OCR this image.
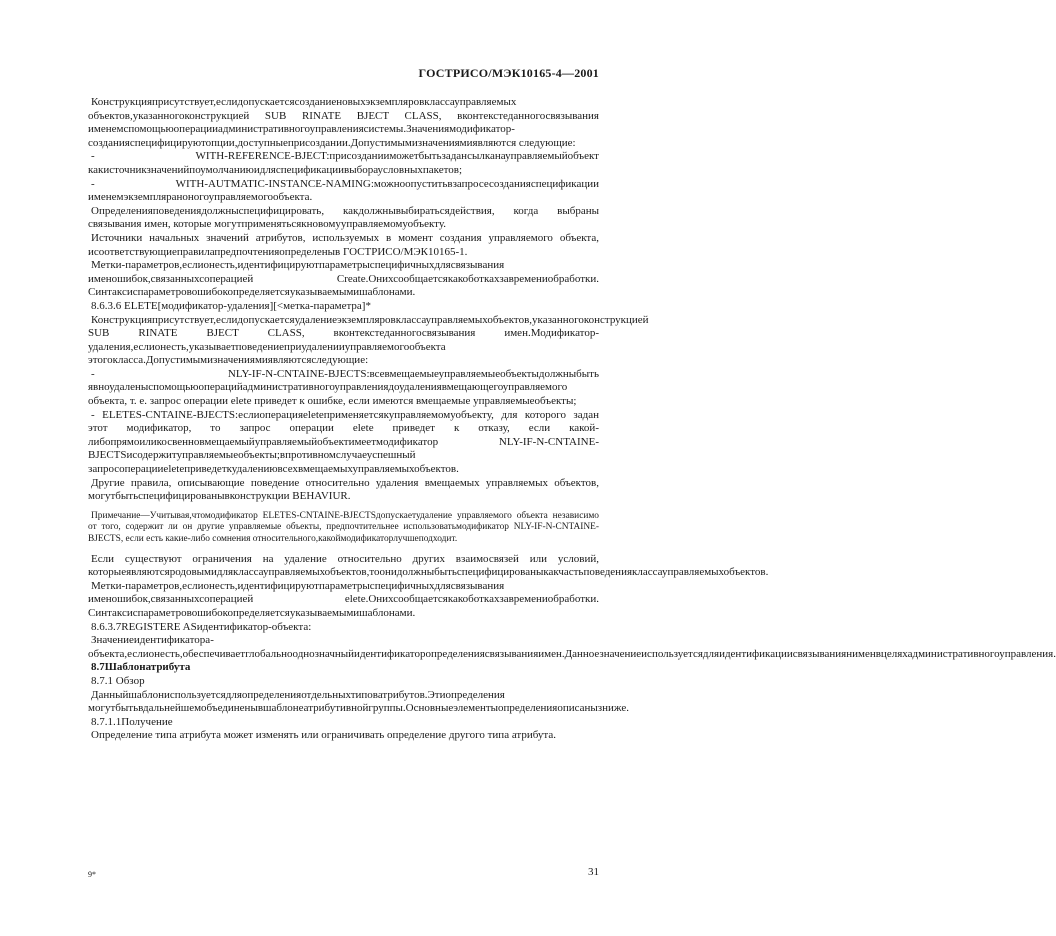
ГОСТРИСО/МЭК10165-4—2001

Конструкцияприсутствует,еслидопускаетсясозданиеновыхэкземпляровклассауправляемых объектов,указанногоконструкцией SUB RINATE BJECT CLASS, вконтекстеданногосвязывания именемспомощьюоперацииадминистративногоуправлениясистемы.Значениямодификатор-созданияспецифицируютопции,доступныеприсоздании.Допустимымизначениямиявляются следующие:

- WITH-REFERENCE-BJECT:присозданииможетбытьзадансылканауправляемыйобъект какисточникзначенийпоумолчаниюидляспецификациивыбораусловныхпакетов;

- WITH-AUTMATIC-INSTANCE-NAMING:можноопуститьвзапросесозданияспецификации именемэкземпляраноногоуправляемогообъекта.

Определенияповедениядолжныспецифицировать, какдолжнывыбиратьсядействия, когда выбраны связывания имен, которые могутприменятьсякновомууправляемомуобъекту.

Источники начальных значений атрибутов, используемых в момент создания управляемого объекта, исоответствующиеправилапредпочтенияопределеныв ГОСТРИСО/МЭК10165-1.

Метки-параметров,еслионесть,идентифицируютпараметрыспецифичныхдлясвязывания именошибок,связанныхсоперацией Create.Онихсообщаетсякакоботкахзавремениобработки. Синтаксиспараметровошибокопределяетсяуказываемымишаблонами.

8.6.3.6 ELETE[модификатор-удаления][<метка-параметра]*

Конструкцияприсутствует,еслидопускаетсяудалениеэкземпляровклассауправляемыхобъектов,указанногоконструкцией SUB RINATE BJECT CLASS, вконтекстеданногосвязывания имен.Модификатор-удаления,еслионесть,указываетповедениеприудаленииуправляемогообъекта этогокласса.Допустимымизначениямиявляютсяследующие:

- NLY-IF-N-CNTAINE-BJECTS:всевмещаемыеуправляемыеобъектыдолжныбыть явноудаленыспомощьюоперацийадминистративногоуправлениядоудалениявмещающегоуправляемого объекта, т. е. запрос операции elete приведет к ошибке, если имеются вмещаемые управляемыеобъекты;

- ELETES-CNTAINE-BJECTS:еслиоперацияeleteприменяетсякуправляемомуобъекту, для которого задан этот модификатор, то запрос операции elete приведет к отказу, если какой-либопрямоиликосвенновмещаемыйуправляемыйобъектимеетмодификатор NLY-IF-N-CNTAINE-BJECTSисодержитуправляемыеобъекты;впротивномслучаеуспешный запросоперацииeleteприведеткудалениювсехвмещаемыхуправляемыхобъектов.

Другие правила, описывающие поведение относительно удаления вмещаемых управляемых объектов, могутбытьспецифицированывконструкции BEHAVIUR.

Примечание—Учитывая,чтомодификатор ELETES-CNTAINE-BJECTSдопускаетудаление управляемого объекта независимо от того, содержит ли он другие управляемые объекты, предпочтительнее использоватьмодификатор NLY-IF-N-CNTAINE-BJECTS, если есть какие-либо сомнения относительного,какоймодификаторлучшеподходит.

Если существуют ограничения на удаление относительно других взаимосвязей или условий, которыеявляютсяродовымидляклассауправляемыхобъектов,тоонидолжныбытьспецифицированыкакчастьповеденияклассауправляемыхобъектов.

Метки-параметров,еслионесть,идентифицируютпараметрыспецифичныхдлясвязывания именошибок,связанныхсоперацией elete.Онихсообщаетсякакоботкахзавремениобработки. Синтаксиспараметровошибокопределяетсяуказываемымишаблонами.

8.6.3.7REGISTERE ASидентификатор-объекта:

Значениеидентификатора-объекта,еслионесть,обеспечиваетглобальнооднозначныйидентификаторопределениясвязыванияимен.Данноезначениеиспользуетсядляидентификациисвязываниянименвцеляхадминистративногоуправления.

8.7Шаблонатрибута

8.7.1 Обзор

Данныйшаблониспользуетсядляопределенияотдельныхтиповатрибутов.Этиопределения могутбытьвдальнейшемобъединенывшаблонеатрибутивнойгруппы.Основныеэлементыопределенияописанызниже.

8.7.1.1Получение

Определение типа атрибута может изменять или ограничивать определение другого типа атрибута.

9*	31
